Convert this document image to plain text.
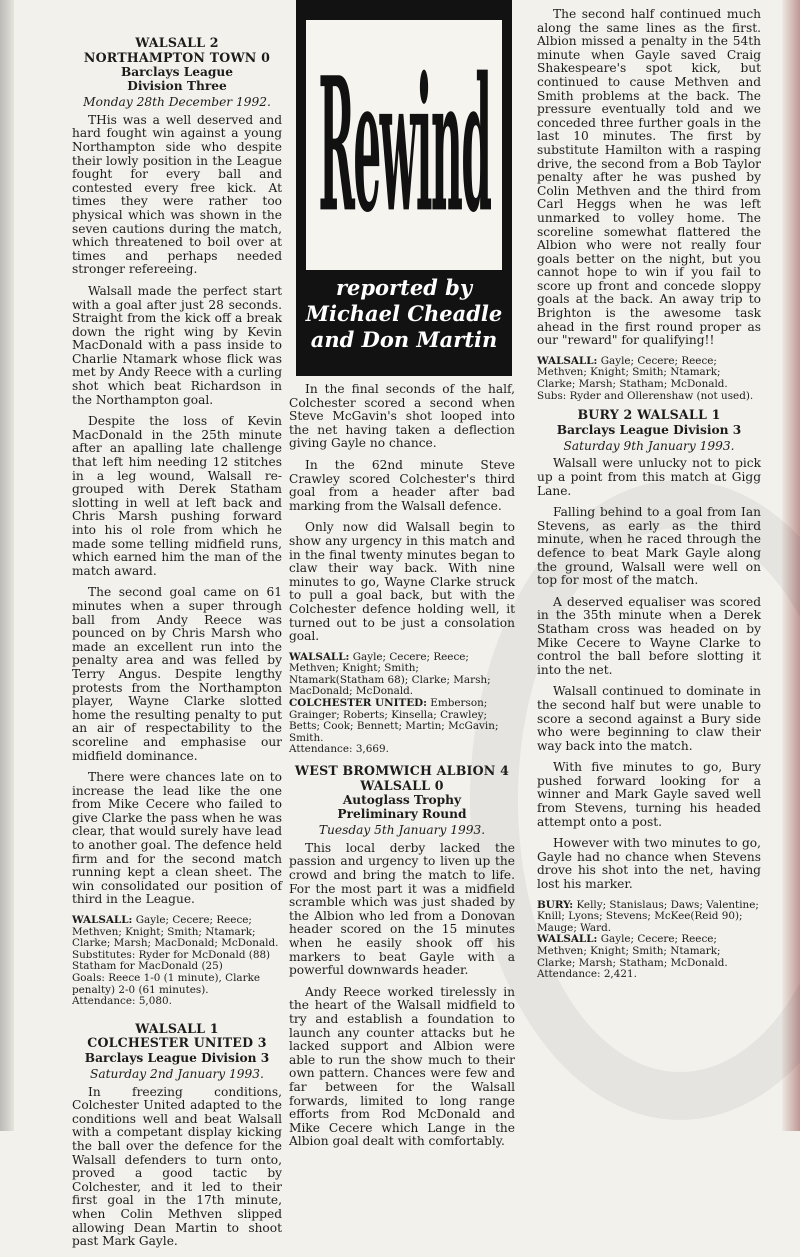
Rewind
reported by
Michael Cheadle
and Don Martin
WALSALL 2
NORTHAMPTON TOWN 0
Barclays League
Division Three
Monday 28th December 1992.

THis was a well deserved and hard fought win against a young Northampton side who despite their lowly position in the League fought for every ball and contested every free kick. At times they were rather too physical which was shown in the seven cautions during the match, which threatened to boil over at times and perhaps needed stronger refereeing.

Walsall made the perfect start with a goal after just 28 seconds. Straight from the kick off a break down the right wing by Kevin MacDonald with a pass inside to Charlie Ntamark whose flick was met by Andy Reece with a curling shot which beat Richardson in the Northampton goal.

Despite the loss of Kevin MacDonald in the 25th minute after an apalling late challenge that left him needing 12 stitches in a leg wound, Walsall re-grouped with Derek Statham slotting in well at left back and Chris Marsh pushing forward into his ol role from which he made some telling midfield runs, which earned him the man of the match award.

The second goal came on 61 minutes when a super through ball from Andy Reece was pounced on by Chris Marsh who made an excellent run into the penalty area and was felled by Terry Angus. Despite lengthy protests from the Northampton player, Wayne Clarke slotted home the resulting penalty to put an air of respectability to the scoreline and emphasise our midfield dominance.

There were chances late on to increase the lead like the one from Mike Cecere who failed to give Clarke the pass when he was clear, that would surely have lead to another goal. The defence held firm and for the second match running kept a clean sheet. The win consolidated our position of third in the League.

WALSALL: Gayle; Cecere; Reece; Methven; Knight; Smith; Ntamark; Clarke; Marsh; MacDonald; McDonald.
Substitutes: Ryder for McDonald (88) Statham for MacDonald (25)
Goals: Reece 1-0 (1 minute), Clarke penalty) 2-0 (61 minutes).
Attendance: 5,080.
WALSALL 1
COLCHESTER UNITED 3
Barclays League Division 3
Saturday 2nd January 1993.

In freezing conditions, Colchester United adapted to the conditions well and beat Walsall with a competant display kicking the ball over the defence for the Walsall defenders to turn onto, proved a good tactic by Colchester, and it led to their first goal in the 17th minute, when Colin Methven slipped allowing Dean Martin to shoot past Mark Gayle.

In the final seconds of the half, Colchester scored a second when Steve McGavin's shot looped into the net having taken a deflection giving Gayle no chance.

In the 62nd minute Steve Crawley scored Colchester's third goal from a header after bad marking from the Walsall defence.

Only now did Walsall begin to show any urgency in this match and in the final twenty minutes began to claw their way back. With nine minutes to go, Wayne Clarke struck to pull a goal back, but with the Colchester defence holding well, it turned out to be just a consolation goal.

WALSALL: Gayle; Cecere; Reece; Methven; Knight; Smith; Ntamark(Statham 68); Clarke; Marsh; MacDonald; McDonald.
COLCHESTER UNITED: Emberson; Grainger; Roberts; Kinsella; Crawley; Betts; Cook; Bennett; Martin; McGavin; Smith.
Attendance: 3,669.
WEST BROMWICH ALBION 4
WALSALL 0
Autoglass Trophy
Preliminary Round
Tuesday 5th January 1993.

This local derby lacked the passion and urgency to liven up the crowd and bring the match to life. For the most part it was a midfield scramble which was just shaded by the Albion who led from a Donovan header scored on the 15 minutes when he easily shook off his markers to beat Gayle with a powerful downwards header.

Andy Reece worked tirelessly in the heart of the Walsall midfield to try and establish a foundation to launch any counter attacks but he lacked support and Albion were able to run the show much to their own pattern. Chances were few and far between for the Walsall forwards, limited to long range efforts from Rod McDonald and Mike Cecere which Lange in the Albion goal dealt with comfortably.

The second half continued much along the same lines as the first. Albion missed a penalty in the 54th minute when Gayle saved Craig Shakespeare's spot kick, but continued to cause Methven and Smith problems at the back. The pressure eventually told and we conceded three further goals in the last 10 minutes. The first by substitute Hamilton with a rasping drive, the second from a Bob Taylor penalty after he was pushed by Colin Methven and the third from Carl Heggs when he was left unmarked to volley home. The scoreline somewhat flattered the Albion who were not really four goals better on the night, but you cannot hope to win if you fail to score up front and concede sloppy goals at the back. An away trip to Brighton is the awesome task ahead in the first round proper as our "reward" for qualifying!!

WALSALL: Gayle; Cecere; Reece; Methven; Knight; Smith; Ntamark; Clarke; Marsh; Statham; McDonald.
Subs: Ryder and Ollerenshaw (not used).
BURY 2 WALSALL 1
Barclays League Division 3
Saturday 9th January 1993.

Walsall were unlucky not to pick up a point from this match at Gigg Lane.

Falling behind to a goal from Ian Stevens, as early as the third minute, when he raced through the defence to beat Mark Gayle along the ground, Walsall were well on top for most of the match.

A deserved equaliser was scored in the 35th minute when a Derek Statham cross was headed on by Mike Cecere to Wayne Clarke to control the ball before slotting it into the net.

Walsall continued to dominate in the second half but were unable to score a second against a Bury side who were beginning to claw their way back into the match.

With five minutes to go, Bury pushed forward looking for a winner and Mark Gayle saved well from Stevens, turning his headed attempt onto a post.

However with two minutes to go, Gayle had no chance when Stevens drove his shot into the net, having lost his marker.

BURY: Kelly; Stanislaus; Daws; Valentine; Knill; Lyons; Stevens; McKee(Reid 90); Mauge; Ward.
WALSALL: Gayle; Cecere; Reece; Methven; Knight; Smith; Ntamark; Clarke; Marsh; Statham; McDonald.
Attendance: 2,421.
